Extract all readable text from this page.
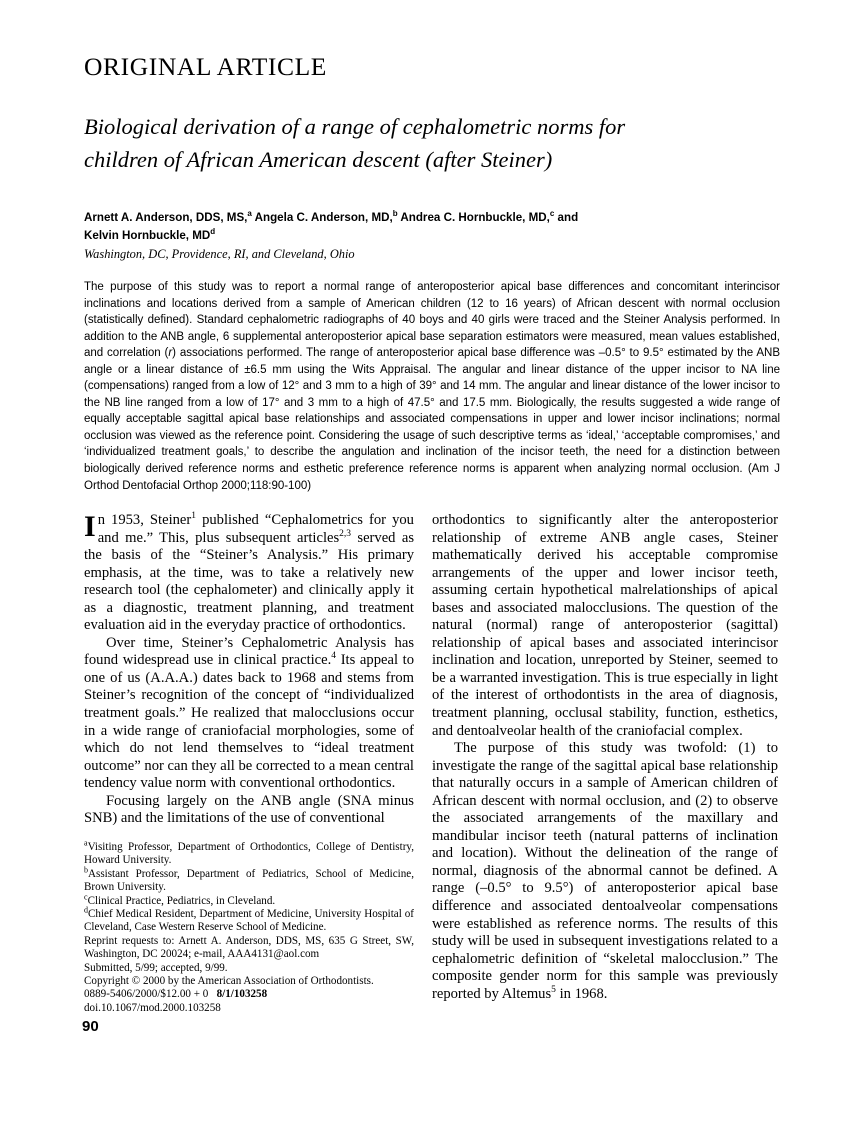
ORIGINAL ARTICLE
Biological derivation of a range of cephalometric norms for
children of African American descent (after Steiner)
Arnett A. Anderson, DDS, MS,$^a$ Angela C. Anderson, MD,$^b$ Andrea C. Hornbuckle, MD,$^c$ and
Kelvin Hornbuckle, $MD^d$
Washington, DC, Providence, RI, and Cleveland, Ohio
The purpose of this study was to report a normal range of anteroposterior apical base differences and concomitant interincisor inclinations and locations derived from a sample of American children (12 to 16 years) of African descent with normal occlusion (statistically defined). Standard cephalometric radiographs of 40 boys and 40 girls were traced and the Steiner Analysis performed. In addition to the ANB angle, 6 supplemental anteroposterior apical base separation estimators were measured, mean values established, and correlation (r) associations performed. The range of anteroposterior apical base difference was –0.5° to 9.5° estimated by the ANB angle or a linear distance of ±6.5 mm using the Wits Appraisal. The angular and linear distance of the upper incisor to NA line (compensations) ranged from a low of 12° and 3 mm to a high of 39° and 14 mm. The angular and linear distance of the lower incisor to the NB line ranged from a low of 17° and 3 mm to a high of 47.5° and 17.5 mm. Biologically, the results suggested a wide range of equally acceptable sagittal apical base relationships and associated compensations in upper and lower incisor inclinations; normal occlusion was viewed as the reference point. Considering the usage of such descriptive terms as ‘ideal,’ ‘acceptable compromises,’ and ‘individualized treatment goals,’ to describe the angulation and inclination of the incisor teeth, the need for a distinction between biologically derived reference norms and esthetic preference reference norms is apparent when analyzing normal occlusion. (Am J Orthod Dentofacial Orthop 2000;118:90-100)

In 1953, Steiner$^1$ published “Cephalometrics for you and me.” This, plus subsequent articles$^{2,3}$ served as the basis of the “Steiner’s Analysis.” His primary emphasis, at the time, was to take a relatively new research tool (the cephalometer) and clinically apply it as a diagnostic, treatment planning, and treatment evaluation aid in the everyday practice of orthodontics.

Over time, Steiner’s Cephalometric Analysis has found widespread use in clinical practice.$^4$ Its appeal to one of us (A.A.A.) dates back to 1968 and stems from Steiner’s recognition of the concept of “individualized treatment goals.” He realized that malocclusions occur in a wide range of craniofacial morphologies, some of which do not lend themselves to “ideal treatment outcome” nor can they all be corrected to a mean central tendency value norm with conventional orthodontics.

Focusing largely on the ANB angle (SNA minus SNB) and the limitations of the use of conventional

orthodontics to significantly alter the anteroposterior relationship of extreme ANB angle cases, Steiner mathematically derived his acceptable compromise arrangements of the upper and lower incisor teeth, assuming certain hypothetical malrelationships of apical bases and associated malocclusions. The question of the natural (normal) range of anteroposterior (sagittal) relationship of apical bases and associated interincisor inclination and location, unreported by Steiner, seemed to be a warranted investigation. This is true especially in light of the interest of orthodontists in the area of diagnosis, treatment planning, occlusal stability, function, esthetics, and dentoalveolar health of the craniofacial complex.

The purpose of this study was twofold: (1) to investigate the range of the sagittal apical base relationship that naturally occurs in a sample of American children of African descent with normal occlusion, and (2) to observe the associated arrangements of the maxillary and mandibular incisor teeth (natural patterns of inclination and location). Without the delineation of the range of normal, diagnosis of the abnormal cannot be defined. A range (–0.5° to 9.5°) of anteroposterior apical base difference and associated dentoalveolar compensations were established as reference norms. The results of this study will be used in subsequent investigations related to a cephalometric definition of “skeletal malocclusion.” The composite gender norm for this sample was previously reported by Altemus$^5$ in 1968.

$^a$Visiting Professor, Department of Orthodontics, College of Dentistry, Howard University.

$^b$Assistant Professor, Department of Pediatrics, School of Medicine, Brown University.

$^c$Clinical Practice, Pediatrics, in Cleveland.

$^d$Chief Medical Resident, Department of Medicine, University Hospital of Cleveland, Case Western Reserve School of Medicine.

Reprint requests to: Arnett A. Anderson, DDS, MS, 635 G Street, SW, Washington, DC 20024; e-mail, AAA4131@aol.com

Submitted, 5/99; accepted, 9/99.

Copyright © 2000 by the American Association of Orthodontists.

0889-5406/2000/$12.00 + 0 8/1/103258

doi.10.1067/mod.2000.103258

90
